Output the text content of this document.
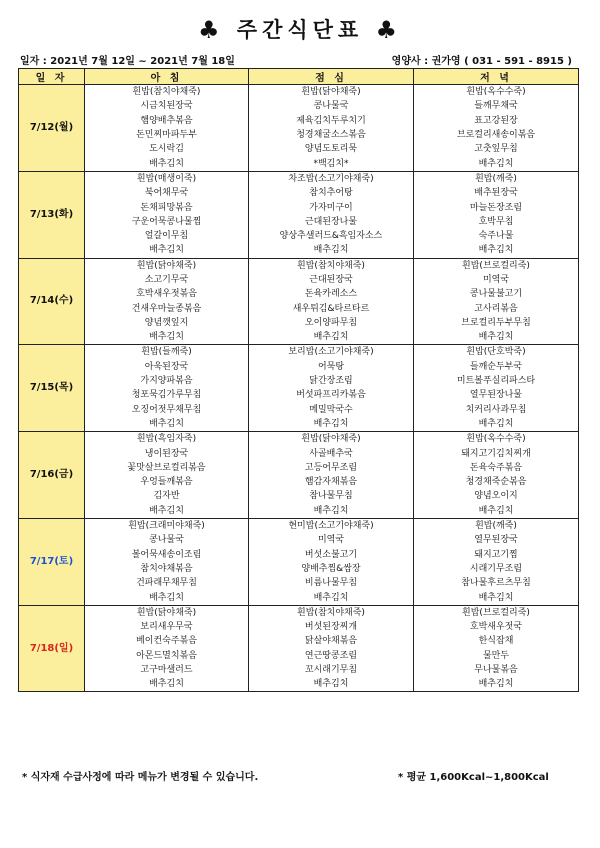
♣ 주간식단표 ♣
일자 : 2021년 7월 12일 ~ 2021년 7월 18일	영양사 : 권가영 ( 031 - 591 - 8915 )
일 자	아 침	점 심	저 녁
7/12(월)	흰밥(참치야채죽)	흰밥(닭야채죽)	흰밥(옥수수죽)
	시금치된장국	콩나물국	들깨무채국
	햄양배추볶음	제육김치두루치기	표고강된장
	돈민찌마파두부	청경채굴소스볶음	브로컬리새송이볶음
	도시락김	양념도토리묵	고춧잎무침
	배추김치	*백김치*	배추김치
7/13(화)	흰밥(매생이죽)	차조밥(소고기야채죽)	흰밥(깨죽)
	북어채무국	참치추어탕	배추된장국
	돈채피망볶음	가자미구이	마늘돈장조림
	구운어묵콩나물찜	근대된장나물	호박무침
	얼갈이무침	양상추샐러드&흑임자소스	숙주나물
	배추김치	배추김치	배추김치
7/14(수)	흰밥(닭야채죽)	흰밥(참치야채죽)	흰밥(브로컬리죽)
	소고기무국	근대된장국	미역국
	호박새우젓볶음	돈육카레소스	콩나물불고기
	건새우마늘종볶음	새우튀김&타르타르	고사리볶음
	양념깻잎지	오이양파무침	브로컬리두부무침
	배추김치	배추김치	배추김치
7/15(목)	흰밥(들깨죽)	보리밥(소고기야채죽)	흰밥(단호박죽)
	아욱된장국	어묵탕	들깨순두부국
	가지양파볶음	닭간장조림	미트볼푸실리파스타
	청포묵김가루무침	버섯파프리카볶음	열무된장나물
	오징어젓무채무침	메밀막국수	치커리사과무침
	배추김치	배추김치	배추김치
7/16(금)	흰밥(흑임자죽)	흰밥(닭야채죽)	흰밥(옥수수죽)
	냉이된장국	사골배추국	돼지고기김치찌개
	꽃맛살브로컬리볶음	고등어무조림	돈육숙주볶음
	우엉들깨볶음	햄감자채볶음	청경채죽순볶음
	김자반	참나물무침	양념오이지
	배추김치	배추김치	배추김치
7/17(토)	흰밥(크래미야채죽)	현미밥(소고기야채죽)	흰밥(깨죽)
	콩나물국	미역국	열무된장국
	볼어묵새송이조림	버섯소불고기	돼지고기찜
	참치야채볶음	양배추찜&쌈장	시래기무조림
	건파래무채무침	비름나물무침	참나물후르츠무침
	배추김치	배추김치	배추김치
7/18(일)	흰밥(닭야채죽)	흰밥(참치야채죽)	흰밥(브로컬리죽)
	보리새우무국	버섯된장찌개	호박새우젓국
	베이컨숙주볶음	닭살야채볶음	한식잡채
	아몬드멸치볶음	연근땅콩조림	물만두
	고구마샐러드	꼬시래기무침	무나물볶음
	배추김치	배추김치	배추김치
* 식자재 수급사정에 따라 메뉴가 변경될 수 있습니다.	* 평균 1,600Kcal~1,800Kcal
